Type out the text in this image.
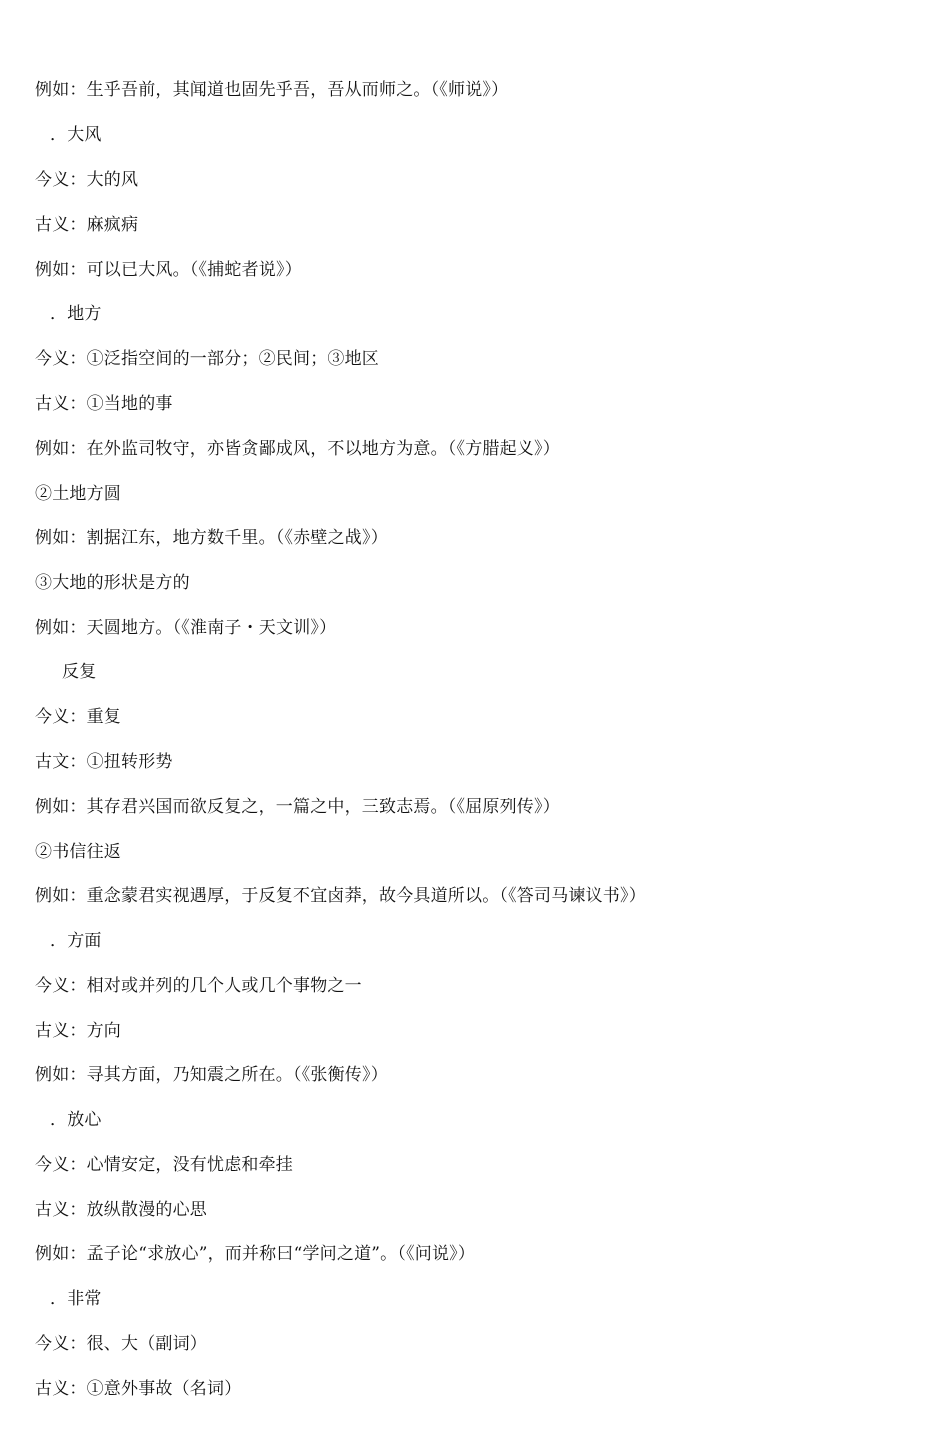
例如：生乎吾前，其闻道也固先乎吾，吾从而师之。（《师说》）
．大风
今义：大的风
古义：麻疯病
例如：可以已大风。（《捕蛇者说》）
．地方
今义：①泛指空间的一部分；②民间；③地区
古义：①当地的事
例如：在外监司牧守，亦皆贪鄙成风，不以地方为意。（《方腊起义》）
②土地方圆
例如：割据江东，地方数千里。（《赤壁之战》）
③大地的形状是方的
例如：天圆地方。（《淮南子・天文训》）
反复
今义：重复
古文：①扭转形势
例如：其存君兴国而欲反复之，一篇之中，三致志焉。（《屈原列传》）
②书信往返
例如：重念蒙君实视遇厚，于反复不宜卤莽，故今具道所以。（《答司马谏议书》）
．方面
今义：相对或并列的几个人或几个事物之一
古义：方向
例如：寻其方面，乃知震之所在。（《张衡传》）
．放心
今义：心情安定，没有忧虑和牵挂
古义：放纵散漫的心思
例如：孟子论“求放心”，而并称曰“学问之道”。（《问说》）
．非常
今义：很、大（副词）
古义：①意外事故（名词）
